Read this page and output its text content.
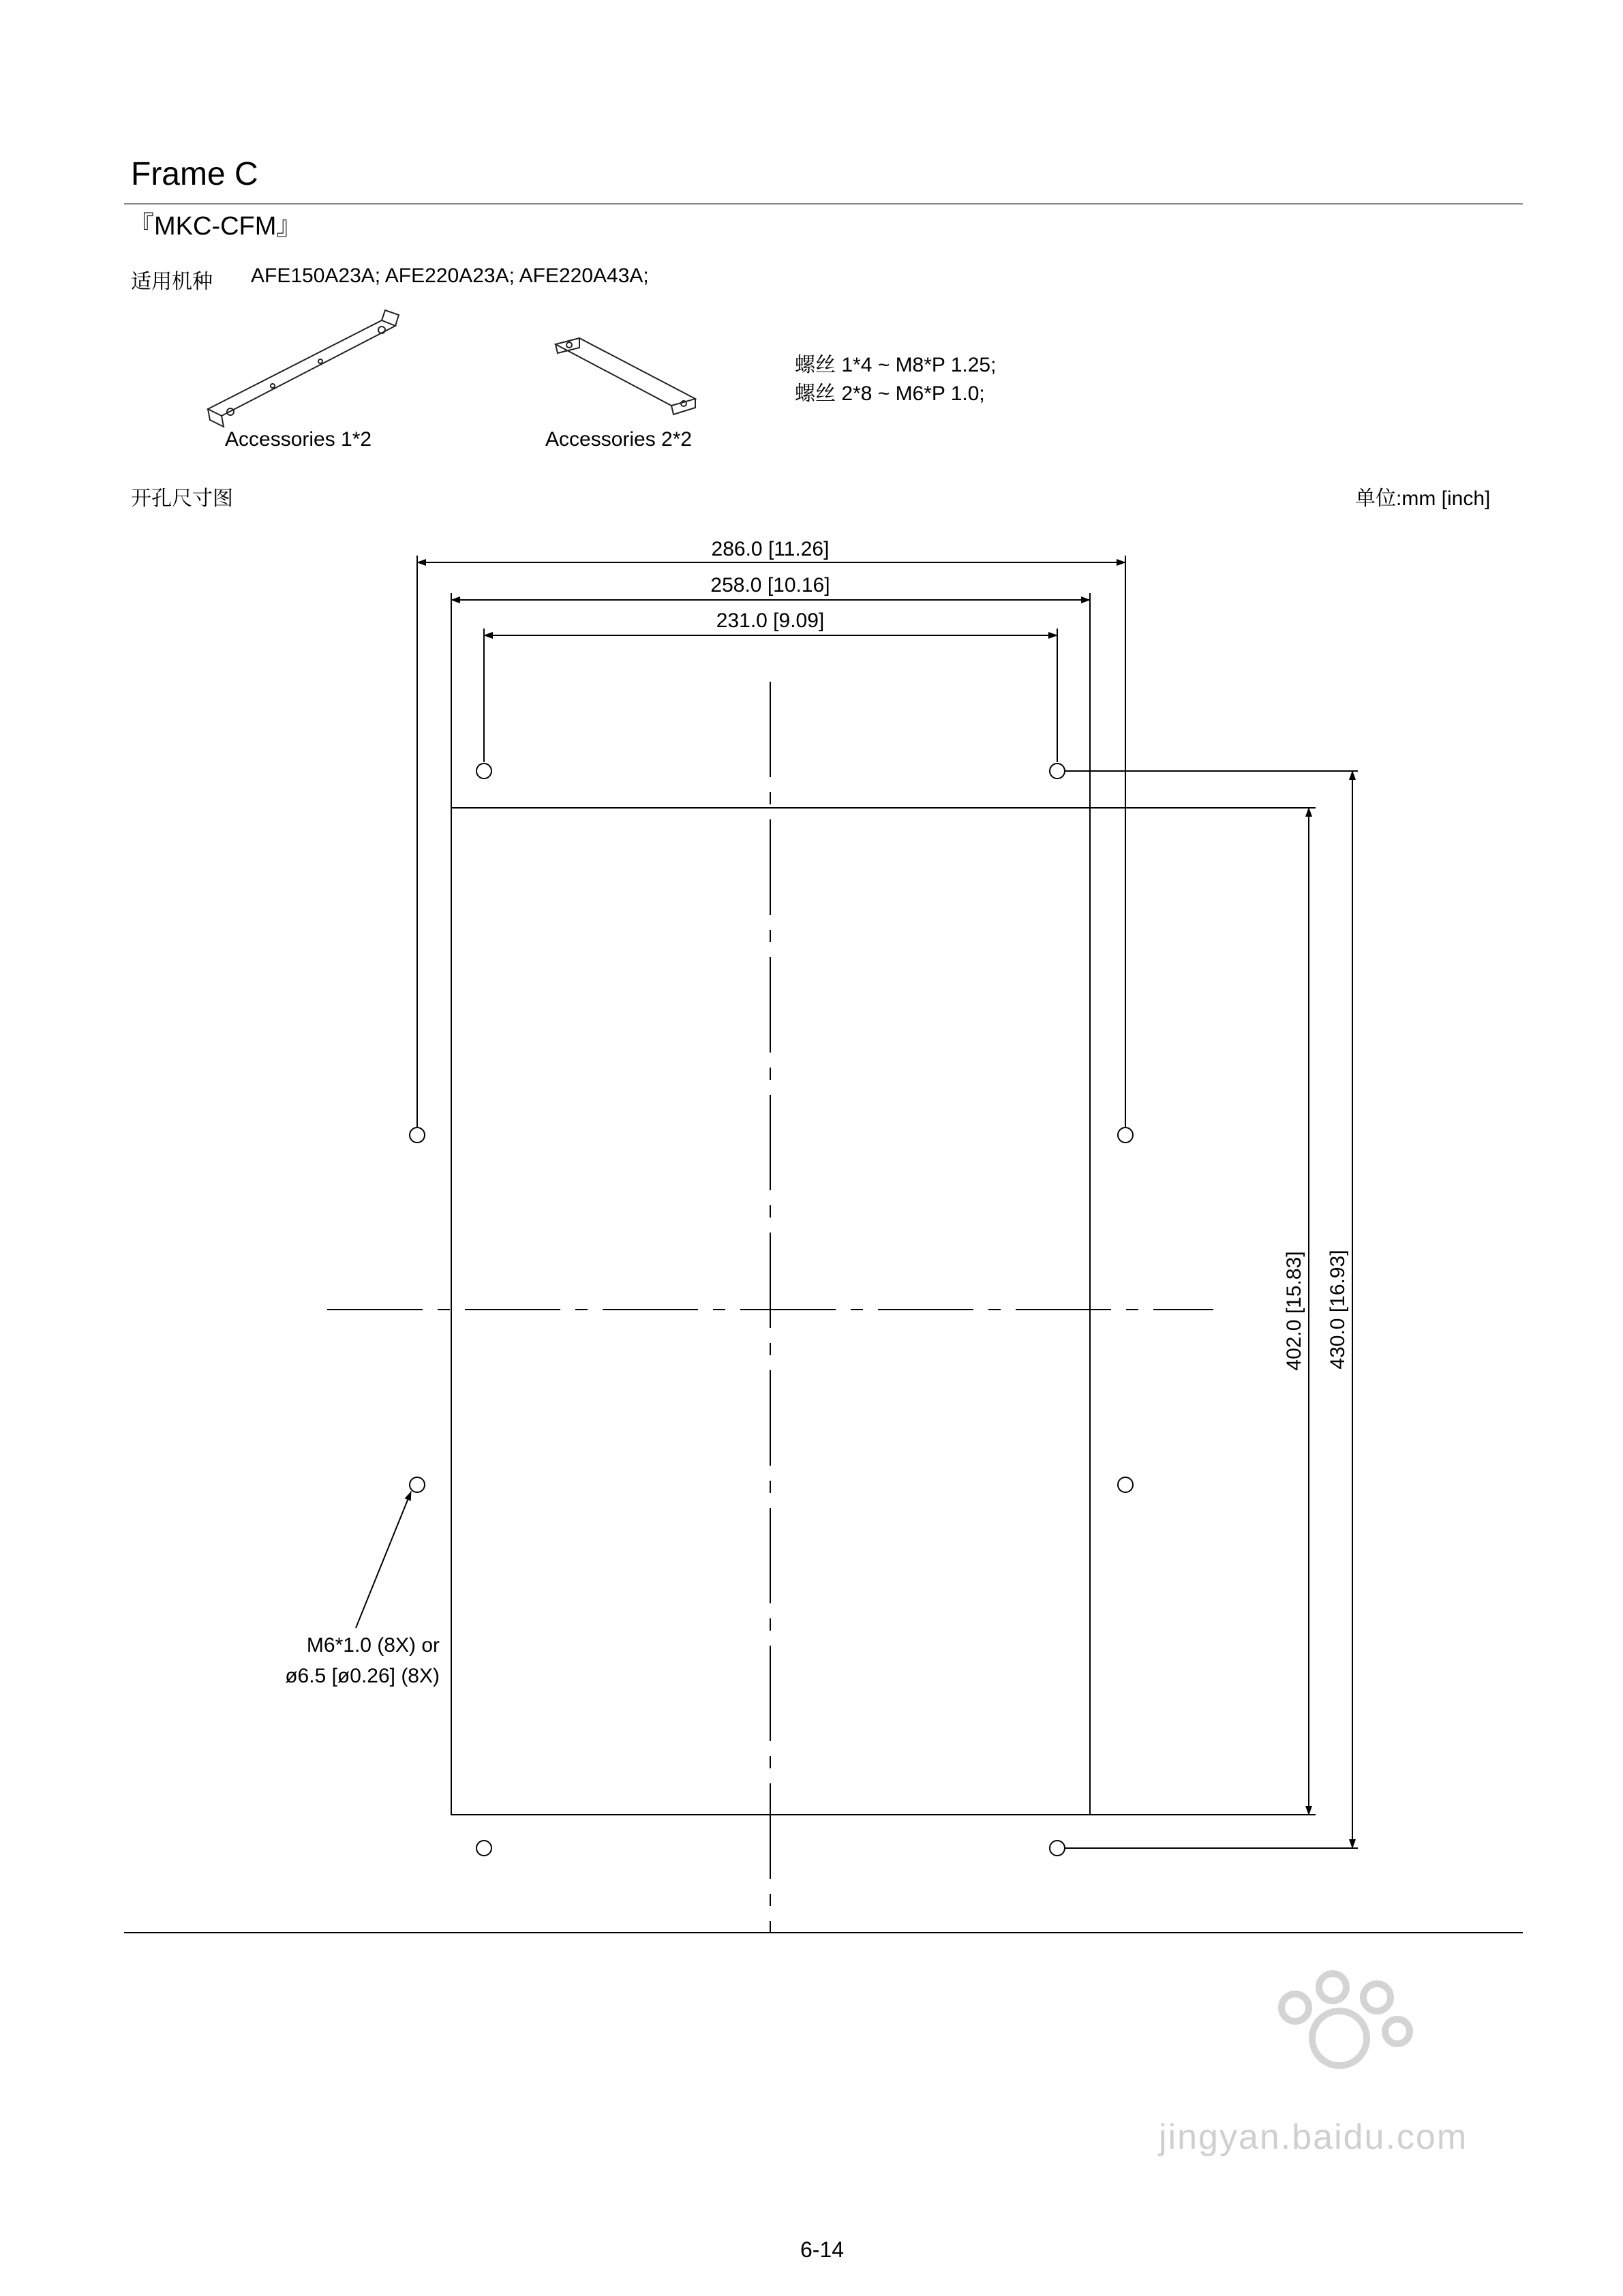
Frame C
『MKC-CFM』
适用机种 AFE150A23A; AFE220A23A; AFE220A43A;
Accessories 1*2	Accessories 2*2
螺丝 1*4 ~ M8*P 1.25;
螺丝 2*8 ~ M6*P 1.0;
开孔尺寸图	单位:mm [inch]
6-14
jingyan.baidu.com
286.0 [11.26]
258.0 [10.16]
231.0 [9.09]
402.0 [15.83] 430.0 [16.93]
M6*1.0 (8X) or
ø6.5 [ø0.26] (8X)
